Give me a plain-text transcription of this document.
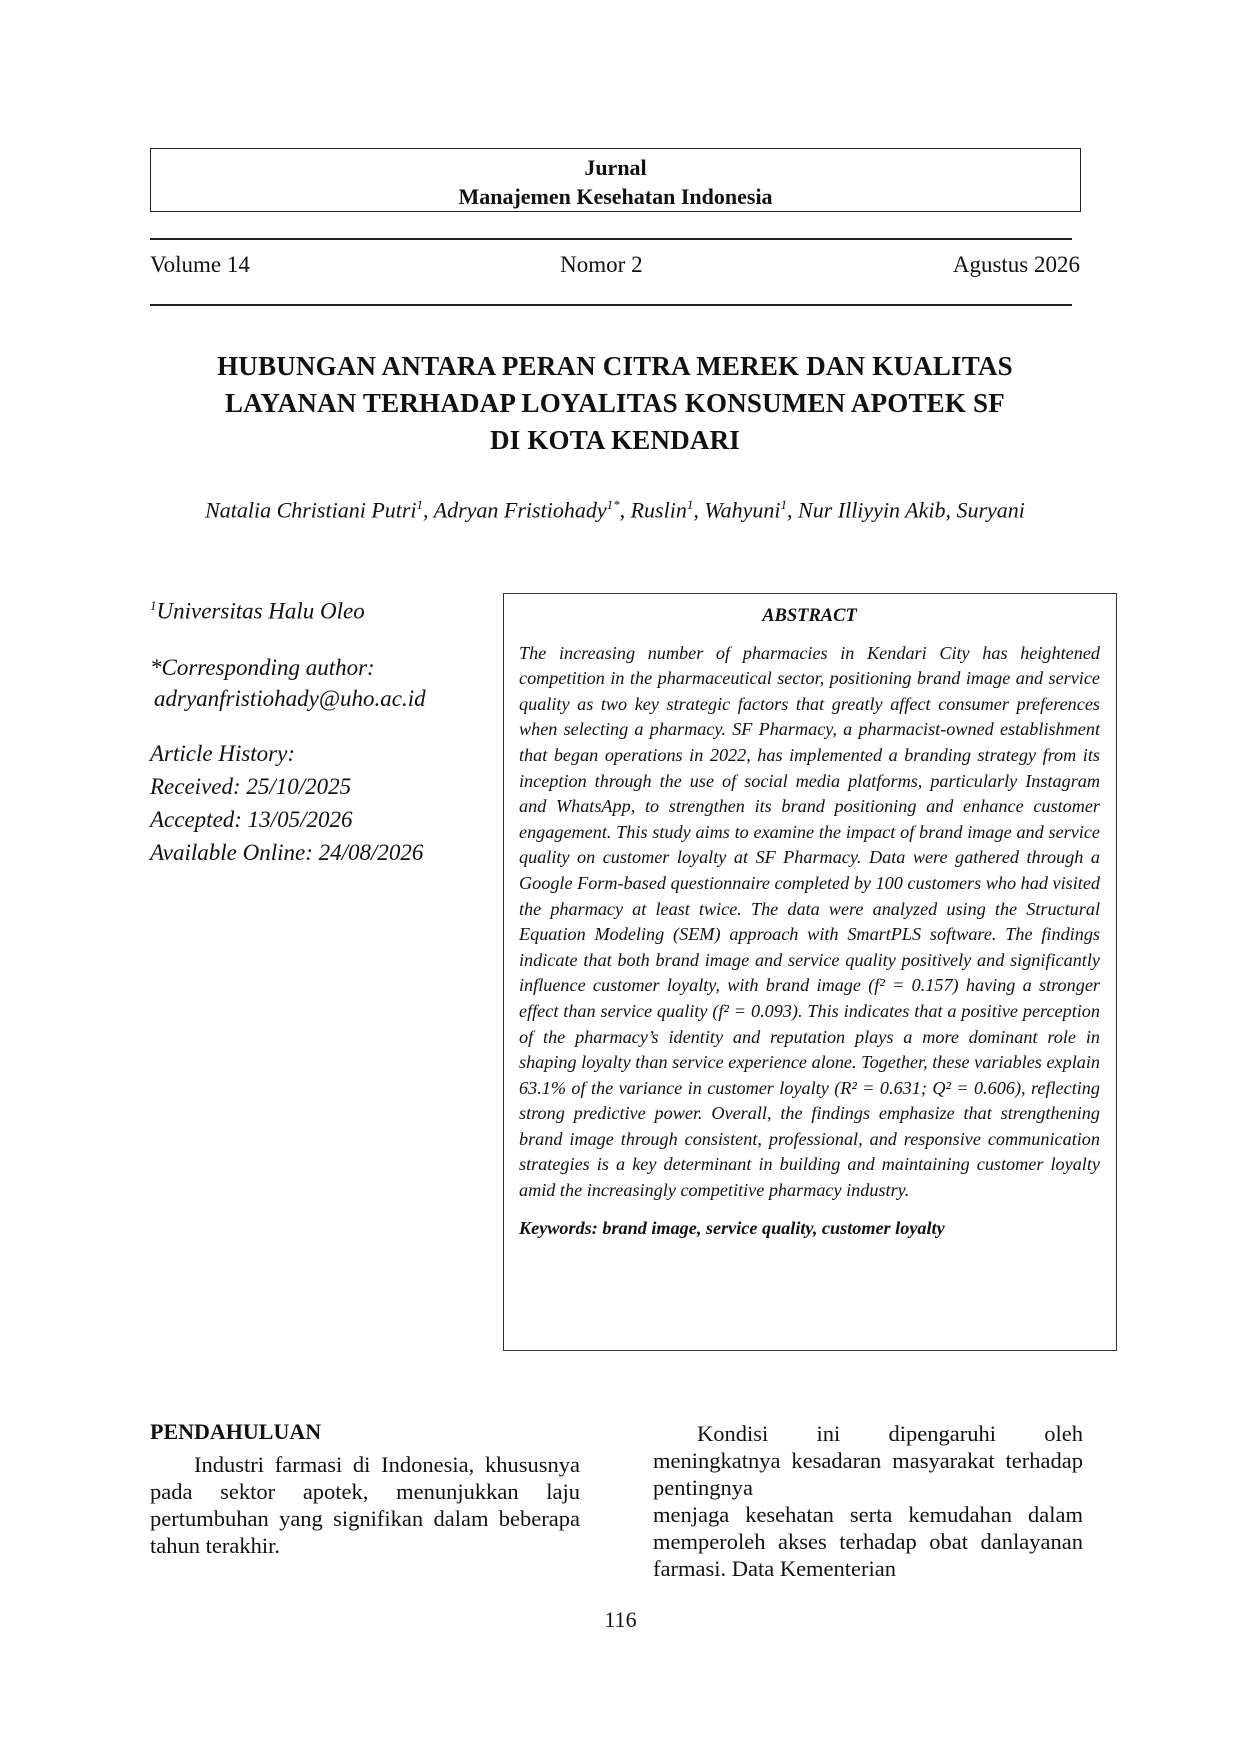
Jurnal
Manajemen Kesehatan Indonesia
Volume 14	Nomor 2	Agustus 2026
HUBUNGAN ANTARA PERAN CITRA MEREK DAN KUALITAS
LAYANAN TERHADAP LOYALITAS KONSUMEN APOTEK SF
DI KOTA KENDARI
Natalia Christiani Putri$^1$, Adryan Fristiohady$^{1*}$, Ruslin$^1$, Wahyuni$^1$, Nur Illiyyin Akib, Suryani

$^1$Universitas Halu Oleo

*Corresponding author:

adryanfristiohady@uho.ac.id

Article History:

Received: 25/10/2025

Accepted: 13/05/2026

Available Online: 24/08/2026

ABSTRACT

The increasing number of pharmacies in Kendari City has heightened competition in the pharmaceutical sector, positioning brand image and service quality as two key strategic factors that greatly affect consumer preferences when selecting a pharmacy. SF Pharmacy, a pharmacist-owned establishment that began operations in 2022, has implemented a branding strategy from its inception through the use of social media platforms, particularly Instagram and WhatsApp, to strengthen its brand positioning and enhance customer engagement. This study aims to examine the impact of brand image and service quality on customer loyalty at SF Pharmacy. Data were gathered through a Google Form-based questionnaire completed by 100 customers who had visited the pharmacy at least twice. The data were analyzed using the Structural Equation Modeling (SEM) approach with SmartPLS software. The findings indicate that both brand image and service quality positively and significantly influence customer loyalty, with brand image (f² = 0.157) having a stronger effect than service quality (f² = 0.093). This indicates that a positive perception of the pharmacy’s identity and reputation plays a more dominant role in shaping loyalty than service experience alone. Together, these variables explain 63.1% of the variance in customer loyalty (R² = 0.631; Q² = 0.606), reflecting strong predictive power. Overall, the findings emphasize that strengthening brand image through consistent, professional, and responsive communication strategies is a key determinant in building and maintaining customer loyalty amid the increasingly competitive pharmacy industry.

Keywords: brand image, service quality, customer loyalty

PENDAHULUAN

Industri farmasi di Indonesia, khususnya pada sektor apotek, menunjukkan laju pertumbuhan yang signifikan dalam beberapa tahun terakhir.

Kondisi ini dipengaruhi oleh meningkatnya kesadaran masyarakat terhadap pentingnya

menjaga kesehatan serta kemudahan dalam memperoleh akses terhadap obat danlayanan farmasi. Data Kementerian

116
